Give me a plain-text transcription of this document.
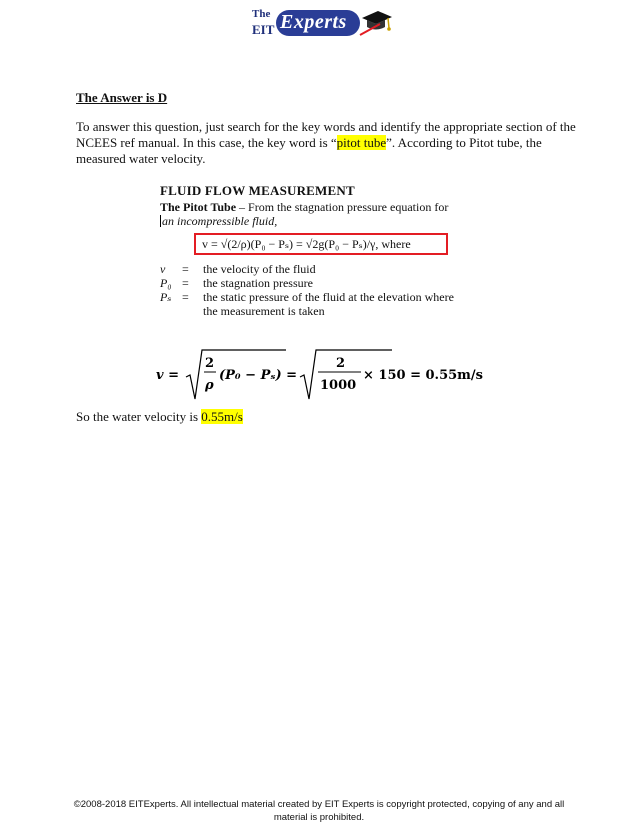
The
EIT Experts
The Answer is D
To answer this question, just search for the key words and identify the appropriate section of the NCEES ref manual. In this case, the key word is “pitot tube”. According to Pitot tube, the measured water velocity.
FLUID FLOW MEASUREMENT
The Pitot Tube – From the stagnation pressure equation for
an incompressible fluid,
v = √(2/ρ)(P₀ − Pₛ) = √2g(P₀ − Pₛ)/γ, where
v	= the velocity of the fluid
P₀ = the stagnation pressure
Pₛ = the static pressure of the fluid at the elevation where
the measurement is taken
v =
2
ρ
(P₀ − Pₛ) =
2
1000
× 150 = 0.55m/s
So the water velocity is 0.55m/s
©2008-2018 EITExperts. All intellectual material created by EIT Experts is copyright protected, copying of any and all material is prohibited.
